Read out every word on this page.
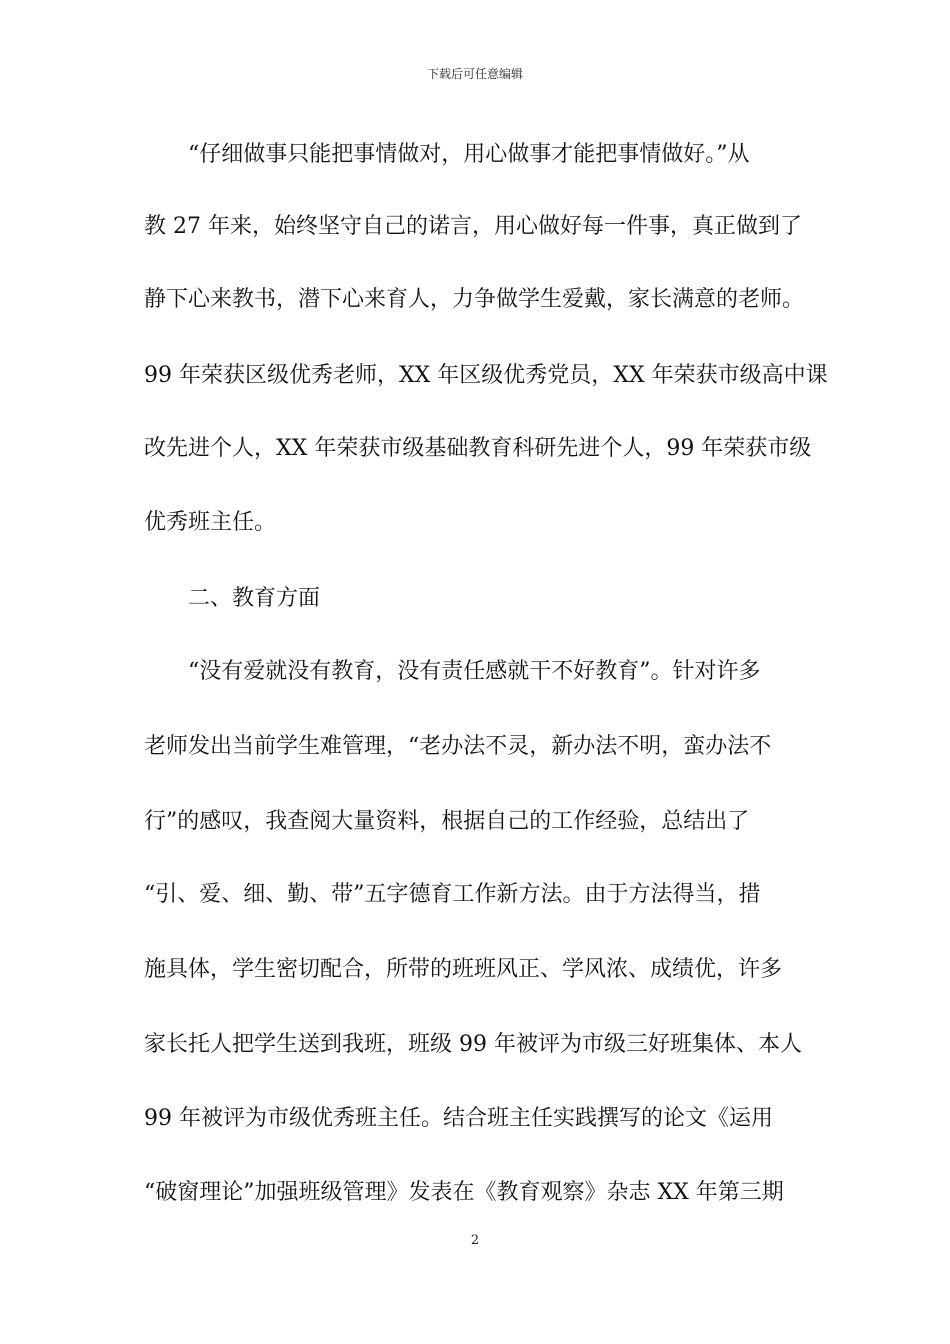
下载后可任意编辑
“仔细做事只能把事情做对，用心做事才能把事情做好。”从
教 27 年来，始终坚守自己的诺言，用心做好每一件事，真正做到了
静下心来教书，潜下心来育人，力争做学生爱戴，家长满意的老师。
99 年荣获区级优秀老师，XX 年区级优秀党员，XX 年荣获市级高中课
改先进个人，XX 年荣获市级基础教育科研先进个人，99 年荣获市级
优秀班主任。
二、教育方面
“没有爱就没有教育，没有责任感就干不好教育”。针对许多
老师发出当前学生难管理，“老办法不灵，新办法不明，蛮办法不
行”的感叹，我查阅大量资料，根据自己的工作经验，总结出了
“引、爱、细、勤、带”五字德育工作新方法。由于方法得当，措
施具体，学生密切配合，所带的班班风正、学风浓、成绩优，许多
家长托人把学生送到我班，班级 99 年被评为市级三好班集体、本人
99 年被评为市级优秀班主任。结合班主任实践撰写的论文《运用
“破窗理论”加强班级管理》发表在《教育观察》杂志 XX 年第三期
2
